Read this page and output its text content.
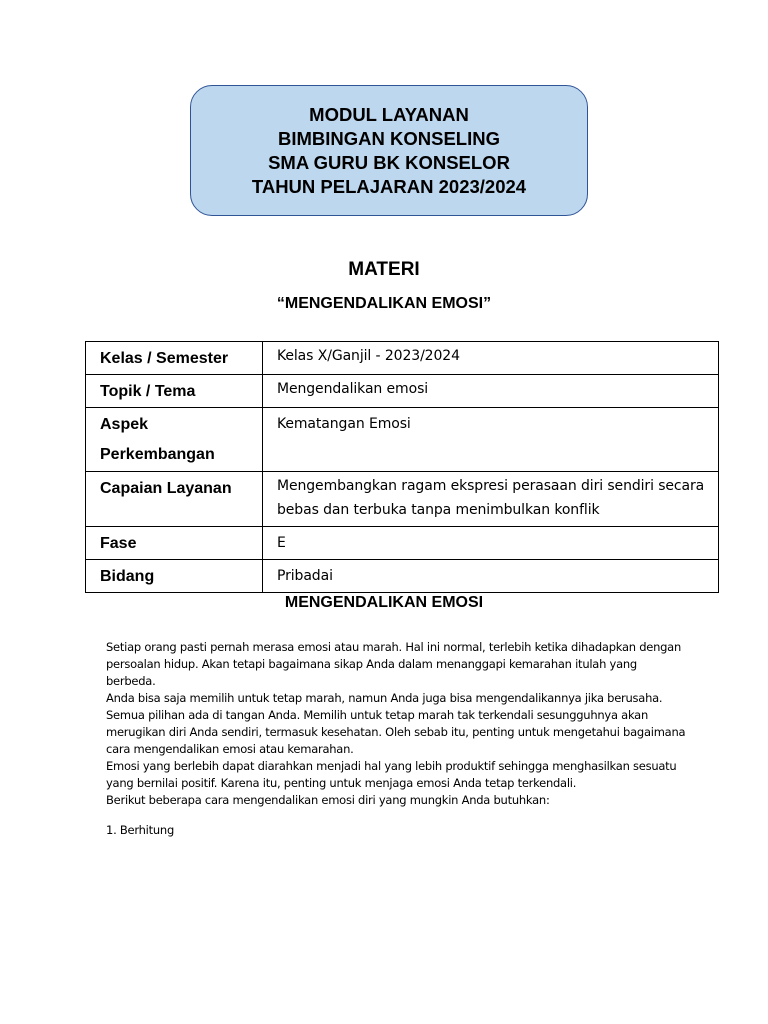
MODUL LAYANAN
BIMBINGAN KONSELING
SMA GURU BK KONSELOR
TAHUN PELAJARAN 2023/2024
MATERI
“MENGENDALIKAN EMOSI”
Kelas / Semester	Kelas X/Ganjil - 2023/2024
Topik / Tema	Mengendalikan emosi
Aspek Perkembangan	Kematangan Emosi
Capaian Layanan	Mengembangkan ragam ekspresi perasaan diri sendiri secara bebas dan terbuka tanpa menimbulkan konflik
Fase	E
Bidang	Pribadai
MENGENDALIKAN EMOSI

Setiap orang pasti pernah merasa emosi atau marah. Hal ini normal, terlebih ketika dihadapkan dengan persoalan hidup. Akan tetapi bagaimana sikap Anda dalam menanggapi kemarahan itulah yang berbeda.

Anda bisa saja memilih untuk tetap marah, namun Anda juga bisa mengendalikannya jika berusaha. Semua pilihan ada di tangan Anda. Memilih untuk tetap marah tak terkendali sesungguhnya akan merugikan diri Anda sendiri, termasuk kesehatan. Oleh sebab itu, penting untuk mengetahui bagaimana cara mengendalikan emosi atau kemarahan.

Emosi yang berlebih dapat diarahkan menjadi hal yang lebih produktif sehingga menghasilkan sesuatu yang bernilai positif. Karena itu, penting untuk menjaga emosi Anda tetap terkendali.

Berikut beberapa cara mengendalikan emosi diri yang mungkin Anda butuhkan:

1. Berhitung
